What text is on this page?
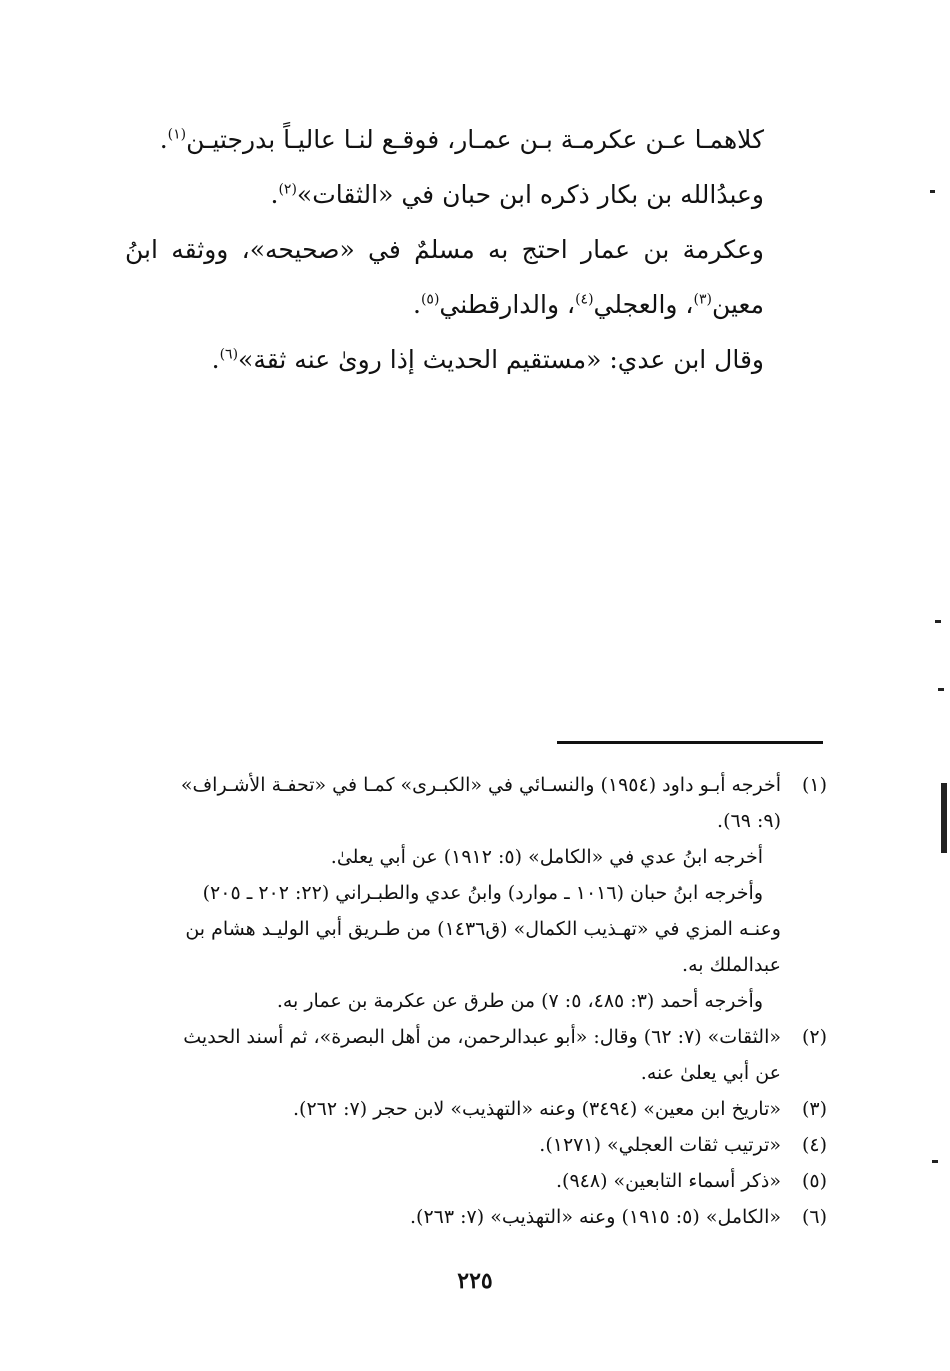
كلاهمـا عـن عكرمـة بـن عمـار، فوقـع لنـا عاليـاً بدرجتيـن$^{(١)}$.

وعبدُالله بن بكار ذكره ابن حبان في «الثقات»$^{(٢)}$.

وعكرمة بن عمار احتج به مسلمٌ في «صحيحه»، ووثقه ابنُ معين$^{(٣)}$، والعجلي$^{(٤)}$، والدارقطني$^{(٥)}$.

وقال ابن عدي: «مستقيم الحديث إذا روىٰ عنه ثقة»$^{(٦)}$.

(١)

أخرجه أبـو داود (١٩٥٤) والنسـائي في «الكبـرى» كمـا في «تحفـة الأشـراف»

(٩: ٦٩).

أخرجه ابنُ عدي في «الكامل» (٥: ١٩١٢) عن أبي يعلىٰ.

وأخرجه ابنُ حبان (١٠١٦ ـ موارد) وابنُ عدي والطبـراني (٢٢: ٢٠٢ ـ ٢٠٥)

وعنـه المزي في «تهـذيب الكمال» (ق١٤٣٦) من طـريق أبي الوليـد هشام بن

عبدالملك به.

وأخرجه أحمد (٣: ٤٨٥، ٥: ٧) من طرق عن عكرمة بن عمار به.

(٢)

«الثقات» (٧: ٦٢) وقال: «أبو عبدالرحمن، من أهل البصرة»، ثم أسند الحديث

عن أبي يعلىٰ عنه.

(٣)

«تاريخ ابن معين» (٣٤٩٤) وعنه «التهذيب» لابن حجر (٧: ٢٦٢).

(٤)

«ترتيب ثقات العجلي» (١٢٧١).

(٥)

«ذكر أسماء التابعين» (٩٤٨).

(٦)

«الكامل» (٥: ١٩١٥) وعنه «التهذيب» (٧: ٢٦٣).

٢٢٥
